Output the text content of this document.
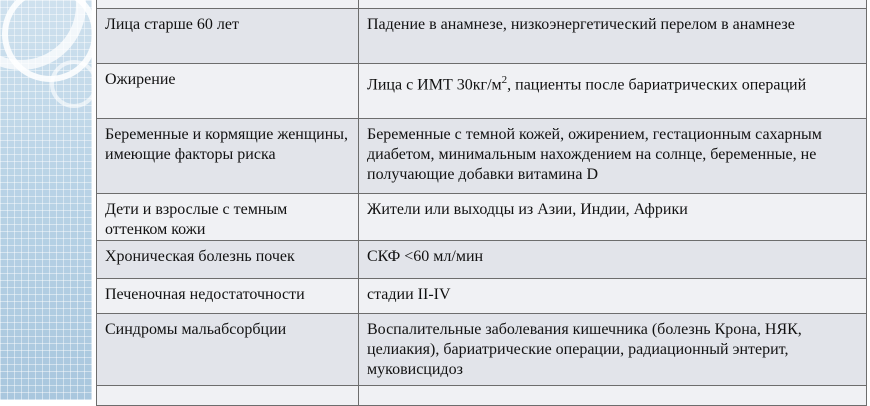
Лица старше 60 лет	Падение в анамнезе, низкоэнергетический перелом в анамнезе
Ожирение	Лица с ИМТ $30кг/м^2$, пациенты после бариатрических операций
Беременные и кормящие женщины, имеющие факторы риска	Беременные с темной кожей, ожирением, гестационным сахарным диабетом, минимальным нахождением на солнце, беременные, не получающие добавки витамина D
Дети и взрослые с темным оттенком кожи	Жители или выходцы из Азии, Индии, Африки
Хроническая болезнь почек	СКФ <60 мл/мин
Печеночная недостаточности	стадии II-IV
Синдромы мальабсорбции	Воспалительные заболевания кишечника (болезнь Крона, НЯК, целиакия), бариатрические операции, радиационный энтерит, муковисцидоз
